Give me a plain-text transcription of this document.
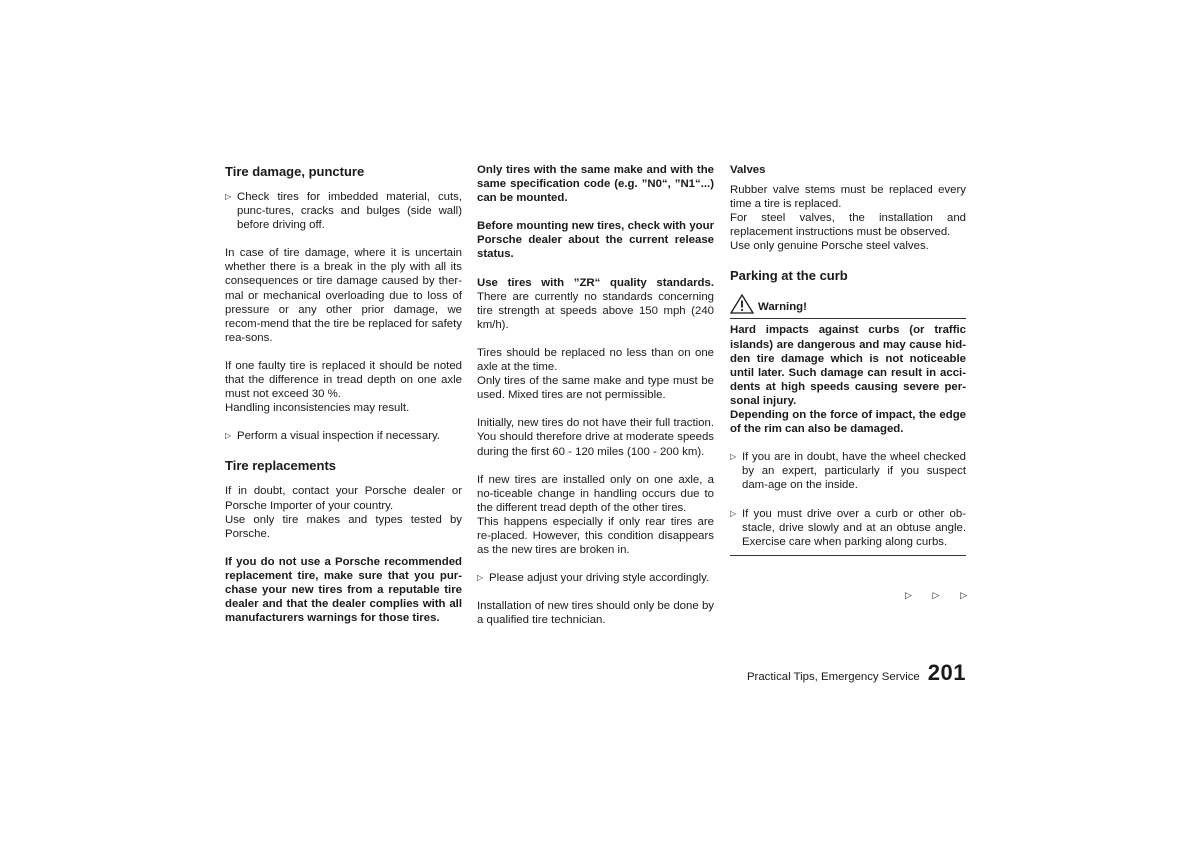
Tire damage, puncture
▷ Check tires for imbedded material, cuts, punc-tures, cracks and bulges (side wall) before driving off.
In case of tire damage, where it is uncertain whether there is a break in the ply with all its consequences or tire damage caused by ther-mal or mechanical overloading due to loss of pressure or any other prior damage, we recom-mend that the tire be replaced for safety rea-sons.
If one faulty tire is replaced it should be noted that the difference in tread depth on one axle must not exceed 30 %.
Handling inconsistencies may result.
▷ Perform a visual inspection if necessary.
Tire replacements
If in doubt, contact your Porsche dealer or Porsche Importer of your country.
Use only tire makes and types tested by Porsche.
If you do not use a Porsche recommended replacement tire, make sure that you pur-chase your new tires from a reputable tire dealer and that the dealer complies with all manufacturers warnings for those tires.
Only tires with the same make and with the same specification code (e.g. ”N0“, ”N1“...) can be mounted.
Before mounting new tires, check with your Porsche dealer about the current release status.
Use tires with ”ZR“ quality standards. There are currently no standards concerning tire strength at speeds above 150 mph (240 km/h).
Tires should be replaced no less than on one axle at the time.
Only tires of the same make and type must be used. Mixed tires are not permissible.
Initially, new tires do not have their full traction. You should therefore drive at moderate speeds during the first 60 - 120 miles (100 - 200 km).
If new tires are installed only on one axle, a no-ticeable change in handling occurs due to the different tread depth of the other tires.
This happens especially if only rear tires are re-placed. However, this condition disappears as the new tires are broken in.
▷ Please adjust your driving style accordingly.
Installation of new tires should only be done by a qualified tire technician.
Valves
Rubber valve stems must be replaced every time a tire is replaced.
For steel valves, the installation and replacement instructions must be observed.
Use only genuine Porsche steel valves.
Parking at the curb
Warning!
Hard impacts against curbs (or traffic islands) are dangerous and may cause hid-den tire damage which is not noticeable until later. Such damage can result in acci-dents at high speeds causing severe per-sonal injury.
Depending on the force of impact, the edge of the rim can also be damaged.
▷ If you are in doubt, have the wheel checked by an expert, particularly if you suspect dam-age on the inside.
▷ If you must drive over a curb or other ob-stacle, drive slowly and at an obtuse angle. Exercise care when parking along curbs.
▷ ▷ ▷
Practical Tips, Emergency Service 201
